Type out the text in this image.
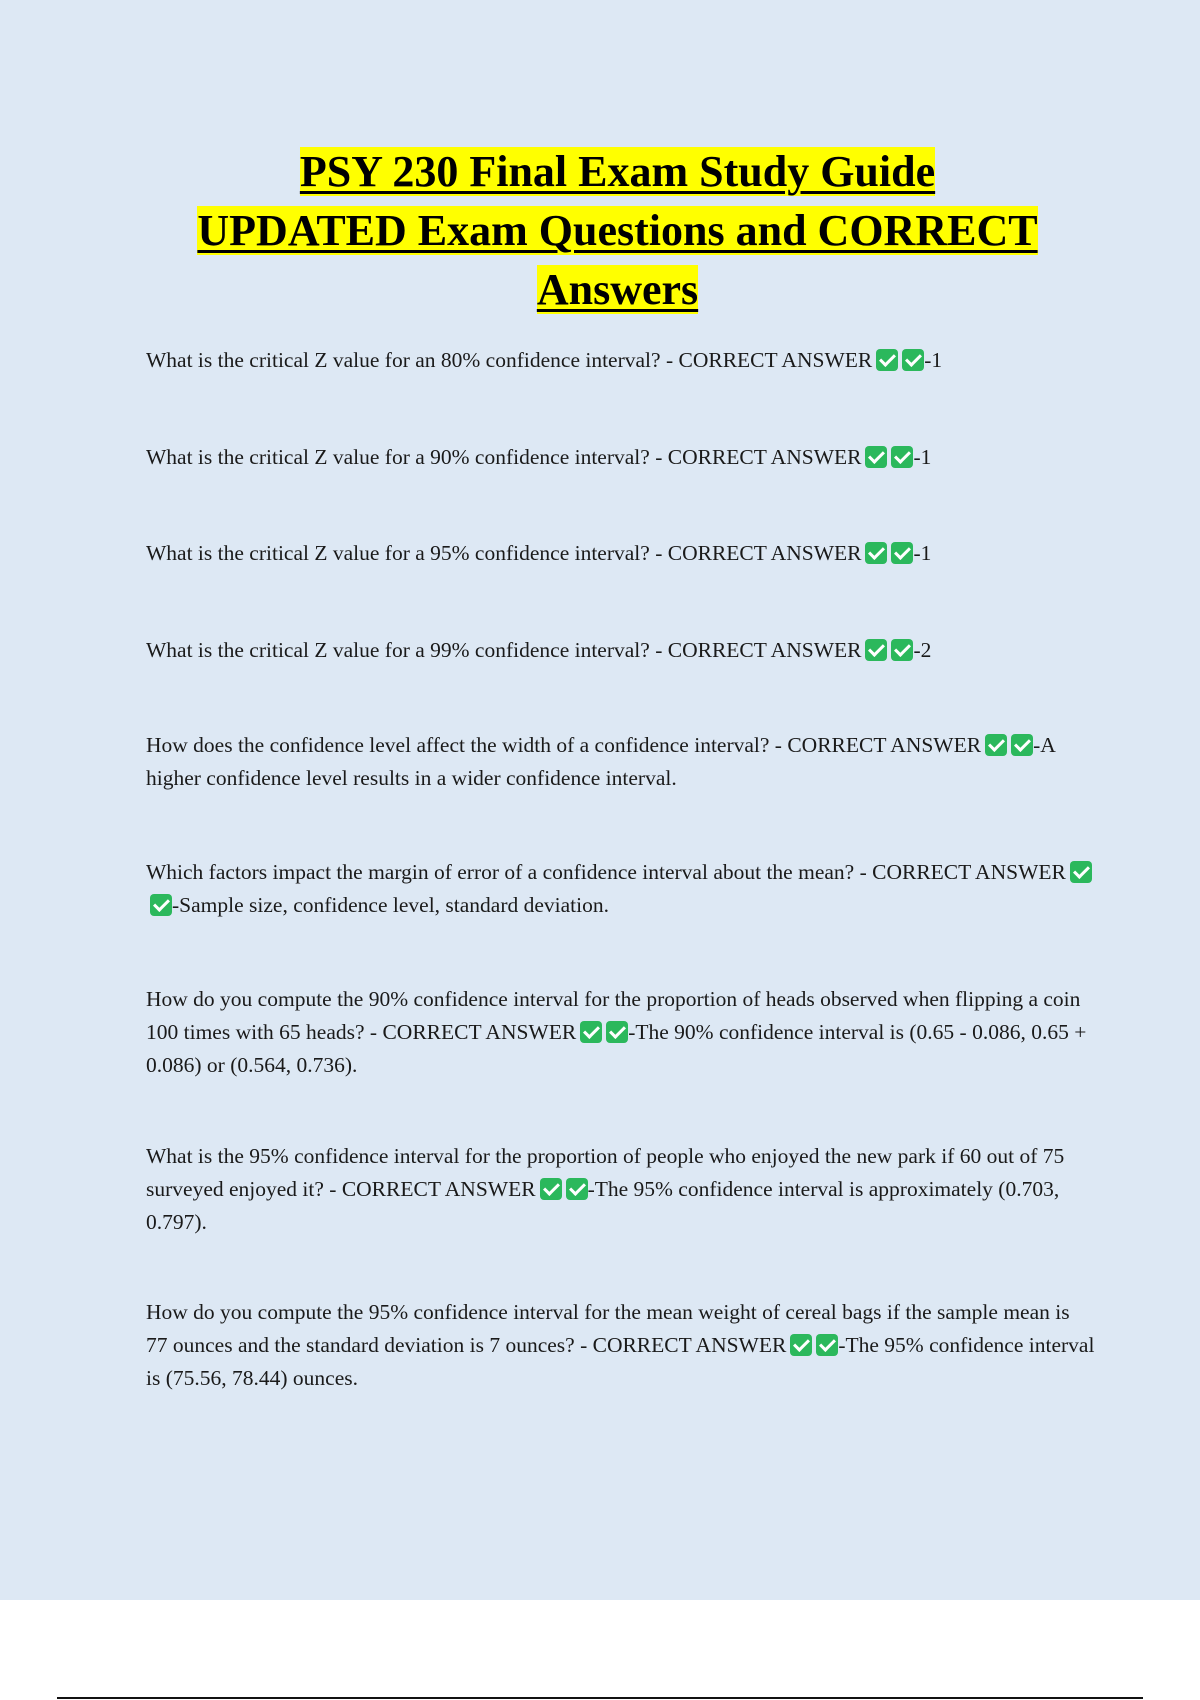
PSY 230 Final Exam Study Guide
UPDATED Exam Questions and CORRECT
Answers

What is the critical Z value for an 80% confidence interval? - CORRECT ANSWER -1

What is the critical Z value for a 90% confidence interval? - CORRECT ANSWER -1

What is the critical Z value for a 95% confidence interval? - CORRECT ANSWER -1

What is the critical Z value for a 99% confidence interval? - CORRECT ANSWER -2

How does the confidence level affect the width of a confidence interval? - CORRECT ANSWER -A higher confidence level results in a wider confidence interval.

Which factors impact the margin of error of a confidence interval about the mean? - CORRECT ANSWER-Sample size, confidence level, standard deviation.

How do you compute the 90% confidence interval for the proportion of heads observed when flipping a coin 100 times with 65 heads? - CORRECT ANSWER -The 90% confidence interval is (0.65 - 0.086, 0.65 + 0.086) or (0.564, 0.736).

What is the 95% confidence interval for the proportion of people who enjoyed the new park if 60 out of 75 surveyed enjoyed it? - CORRECT ANSWER -The 95% confidence interval is approximately (0.703, 0.797).

How do you compute the 95% confidence interval for the mean weight of cereal bags if the sample mean is 77 ounces and the standard deviation is 7 ounces? - CORRECT ANSWER -The 95% confidence interval is (75.56, 78.44) ounces.
